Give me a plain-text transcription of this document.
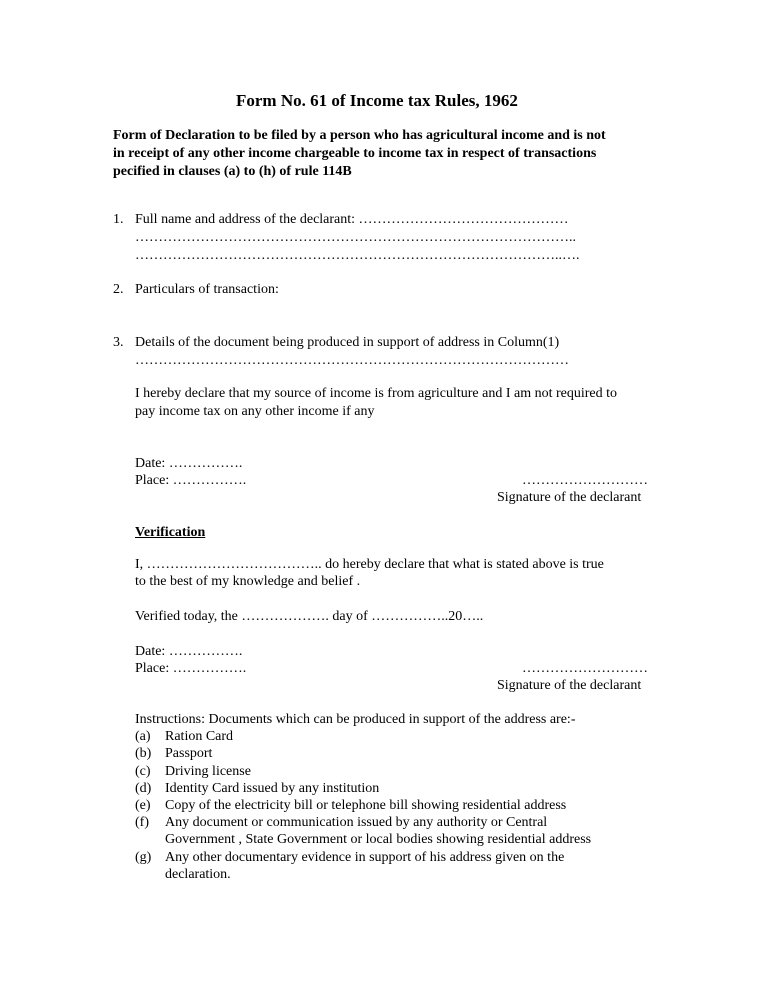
Form No. 61 of Income tax Rules, 1962
Form of Declaration to be filed by a person who has agricultural income and is not
in receipt of any other income chargeable to income tax in respect of transactions
pecified in clauses (a) to (h) of rule 114B
1. Full name and address of the declarant: ………………………………………
…………………………………………………………………………………..
………………………………………………………………………………..….
2. Particulars of transaction:
3. Details of the document being produced in support of address in Column(1)
…………………………………………………………………………………
I hereby declare that my source of income is from agriculture and I am not required to
pay income tax on any other income if any
Date: …………….
Place: …………….	………………………
Signature of the declarant
Verification
I, ……………………………….. do hereby declare that what is stated above is true
to the best of my knowledge and belief .
Verified today, the ………………. day of ……………..20…..
Date: …………….
Place: …………….	………………………
Signature of the declarant
Instructions: Documents which can be produced in support of the address are:-
(a) Ration Card
(b) Passport
(c) Driving license
(d) Identity Card issued by any institution
(e) Copy of the electricity bill or telephone bill showing residential address
(f) Any document or communication issued by any authority or Central
Government , State Government or local bodies showing residential address
(g) Any other documentary evidence in support of his address given on the
declaration.
